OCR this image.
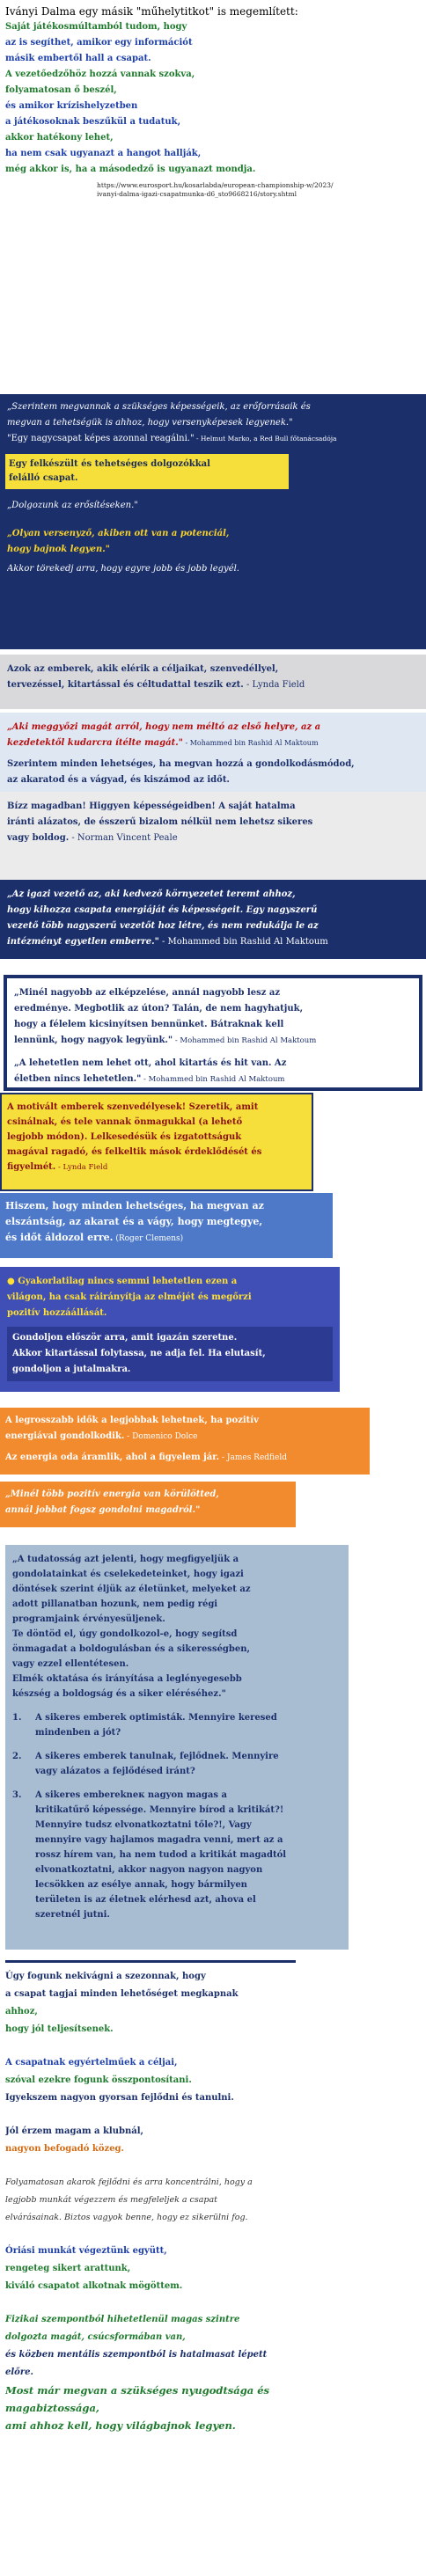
Iványi Dalma egy másik "műhelytitkot" is megemlített:
Saját játékosmúltamból tudom, hogy
az is segíthet, amikor egy információt
másik embertől hall a csapat.
A vezetőedzőhöz hozzá vannak szokva,
folyamatosan ő beszél,
és amikor krízishelyzetben
a játékosoknak beszűkül a tudatuk,
akkor hatékony lehet,
ha nem csak ugyanazt a hangot hallják,
még akkor is, ha a másodedző is ugyanazt mondja.
https://www.eurosport.hu/kosarlabda/european-championship-w/2023/
ivanyi-dalma-igazi-csapatmunka-d6_sto9668216/story.shtml
„Szerintem megvannak a szükséges képességeik, az erőforrásaik és
megvan a tehetségük is ahhoz, hogy versenyképesek legyenek."
"Egy nagycsapat képes azonnal reagálni." - Helmut Marko, a Red Bull főtanácsadója
Egy felkészült és tehetséges dolgozókkal
felálló csapat.
„Dolgozunk az erősítéseken."
„Olyan versenyző, akiben ott van a potenciál,
hogy bajnok legyen."
Akkor törekedj arra, hogy egyre jobb és jobb legyél.
Azok az emberek, akik elérik a céljaikat, szenvedéllyel,
tervezéssel, kitartással és céltudattal teszik ezt. - Lynda Field
„Aki meggyőzi magát arról, hogy nem méltó az első helyre, az a
kezdetektől kudarcra ítélte magát." - Mohammed bin Rashid Al Maktoum
Szerintem minden lehetséges, ha megvan hozzá a gondolkodásmódod,
az akaratod és a vágyad, és kiszámod az időt.
Bízz magadban! Higgyen képességeidben! A saját hatalma
iránti alázatos, de ésszerű bizalom nélkül nem lehetsz sikeres
vagy boldog. - Norman Vincent Peale
„Az igazi vezető az, aki kedvező környezetet teremt ahhoz,
hogy kihozza csapata energiáját és képességeit. Egy nagyszerű
vezető több nagyszerű vezetőt hoz létre, és nem redukálja le az
intézményt egyetlen emberre." - Mohammed bin Rashid Al Maktoum
„Minél nagyobb az elképzelése, annál nagyobb lesz az
eredménye. Megbotlik az úton? Talán, de nem hagyhatjuk,
hogy a félelem kicsinyítsen bennünket. Bátraknak kell
lennünk, hogy nagyok legyünk." - Mohammed bin Rashid Al Maktoum
„A lehetetlen nem lehet ott, ahol kitartás és hit van. Az
életben nincs lehetetlen." - Mohammed bin Rashid Al Maktoum
A motivált emberek szenvedélyesek! Szeretik, amit
csinálnak, és tele vannak önmagukkal (a lehető
legjobb módon). Lelkesedésük és izgatottságuk
magával ragadó, és felkeltik mások érdeklődését és
figyelmét. - Lynda Field
Hiszem, hogy minden lehetséges, ha megvan az
elszántság, az akarat és a vágy, hogy megtegye,
és időt áldozol erre. (Roger Clemens)
● Gyakorlatilag nincs semmi lehetetlen ezen a
világon, ha csak ráirányítja az elméjét és megőrzi
pozitív hozzáállását.
Gondoljon először arra, amit igazán szeretne.
Akkor kitartással folytassa, ne adja fel. Ha elutasít,
gondoljon a jutalmakra.
A legrosszabb idők a legjobbak lehetnek, ha pozitív
energiával gondolkodik. - Domenico Dolce
Az energia oda áramlik, ahol a figyelem jár. - James Redfield
„Minél több pozitív energia van körülötted,
annál jobbat fogsz gondolni magadról."
„A tudatosság azt jelenti, hogy megfigyeljük a
gondolatainkat és cselekedeteinket, hogy igazi
döntések szerint éljük az életünket, melyeket az
adott pillanatban hozunk, nem pedig régi
programjaink érvényesüljenek.
Te döntöd el, úgy gondolkozol-e, hogy segítsd
önmagadat a boldogulásban és a sikerességben,
vagy ezzel ellentétesen.
Elmék oktatása és irányítása a leglényegesebb
készség a boldogság és a siker eléréséhez."
1.	A sikeres emberek optimisták. Mennyire keresed
mindenben a jót?
2.	A sikeres emberek tanulnak, fejlődnek. Mennyire
vagy alázatos a fejlődésed iránt?
3.	A sikeres emberekneк nagyon magas a
kritikatűrő képessége. Mennyire bírod a kritikát?!
Mennyire tudsz elvonatkoztatni tőle?!, Vagy
mennyire vagy hajlamos magadra venni, mert az a
rossz hírem van, ha nem tudod a kritikát magadtól
elvonatkoztatni, akkor nagyon nagyon nagyon
lecsökken az esélye annak, hogy bármilyen
területen is az életnek elérhesd azt, ahova el
szeretnél jutni.
Úgy fogunk nekivágni a szezonnak, hogy
a csapat tagjai minden lehetőséget megkapnak
ahhoz,
hogy jól teljesítsenek.
A csapatnak egyértelműek a céljai,
szóval ezekre fogunk összpontosítani.
Igyekszem nagyon gyorsan fejlődni és tanulni.
Jól érzem magam a klubnál,
nagyon befogadó közeg.
Folyamatosan akarok fejlődni és arra koncentrálni, hogy a
legjobb munkát végezzem és megfeleljek a csapat
elvárásainak. Biztos vagyok benne, hogy ez sikerülni fog.
Óriási munkát végeztünk együtt,
rengeteg sikert arattunk,
kiváló csapatot alkotnak mögöttem.
Fizikai szempontból hihetetlenül magas szintre
dolgozta magát, csúcsformában van,
és közben mentális szempontból is hatalmasat lépett
előre.
Most már megvan a szükséges nyugodtsága és
magabiztossága,
ami ahhoz kell, hogy világbajnok legyen.
